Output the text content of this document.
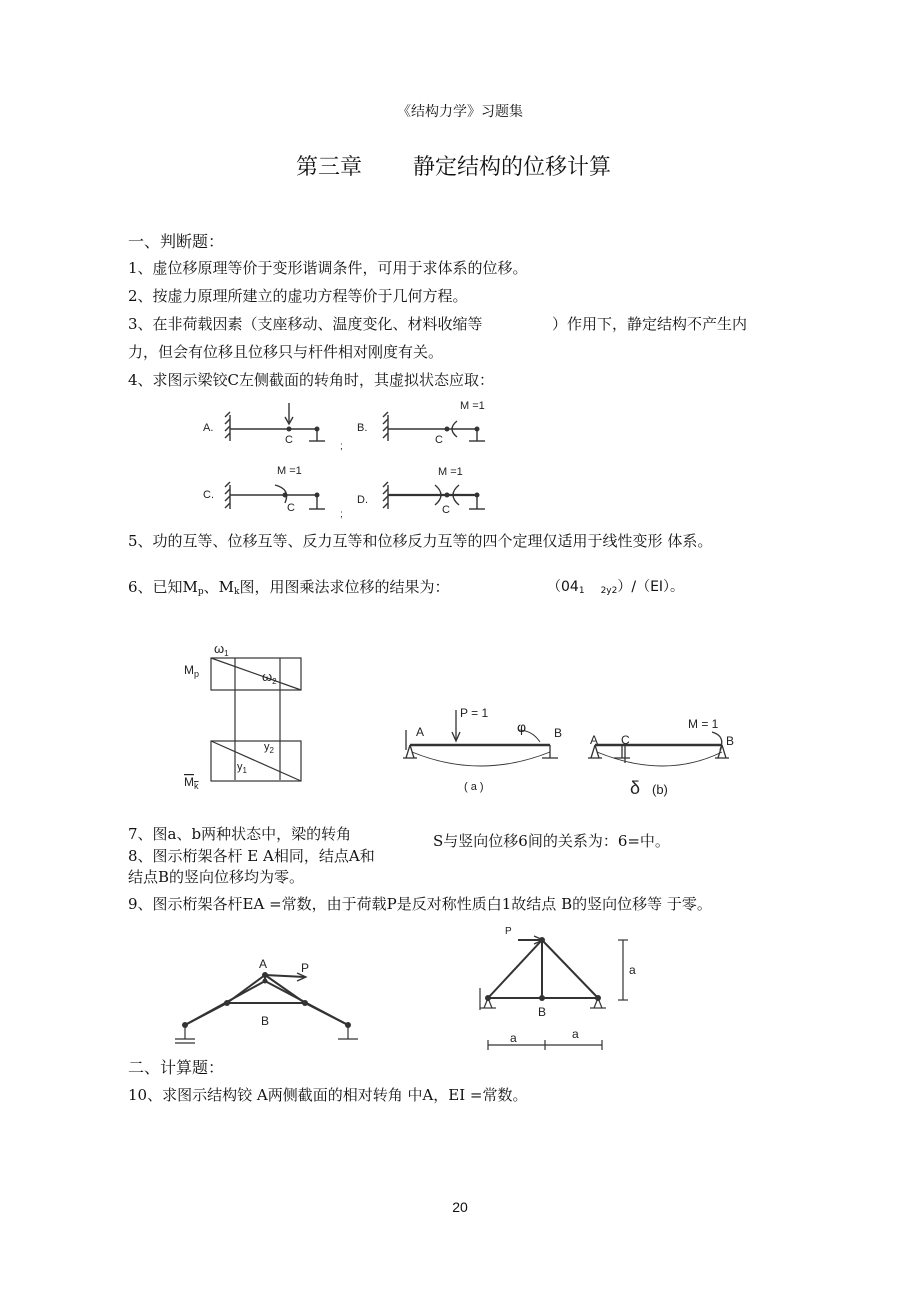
《结构力学》习题集
第三章 静定结构的位移计算
一、判断题：
1、虚位移原理等价于变形谐调条件，可用于求体系的位移。
2、按虚力原理所建立的虚功方程等价于几何方程。
3、在非荷载因素（支座移动、温度变化、材料收缩等	）作用下，静定结构不产生内
力，但会有位移且位移只与杆件相对刚度有关。
4、求图示梁铰C左侧截面的转角时，其虚拟状态应取：
A.
C
;
B.
C
M =1
C.
C
M =1
;
D.
C
M =1
5、功的互等、位移互等、反力互等和位移反力互等的四个定理仅适用于线性变形 体系。
6、已知$M_p$、$M_k$图，用图乘法求位移的结果为：	（$04_1$ $_{2y2}$）/（EI）。
$\omega_1$
$\omega_2$
$M_p$
$M_k$
$y_1$
$y_2$
P = 1
A	B
φ
( a )
A C	B
M = 1
δ (b)
7、图a、b两种状态中，梁的转角	S与竖向位移6间的关系为：6=中。
8、图示桁架各杆 E A相同，结点A和
结点B的竖向位移均为零。
9、图示桁架各杆EA =常数，由于荷载P是反对称性质白1故结点 B的竖向位移等 于零。
A	P
B
P
a
B
a	a
二、计算题：
10、求图示结构铰 A两侧截面的相对转角 中A，EI =常数。
20
